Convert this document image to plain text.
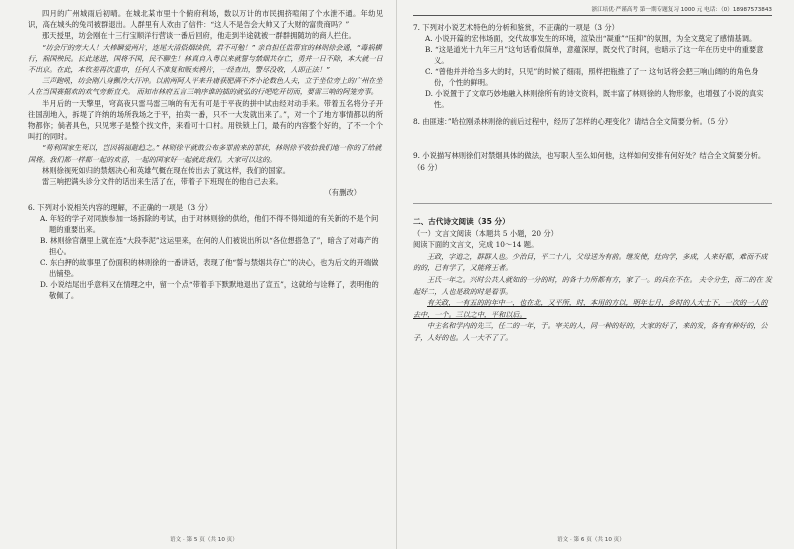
四月的广州城雨后初晴。在城北某市里十个俯府利场，数以万计的市民拥挤喧闹了个水泄不通。年幼见识，高在城头的兔司被群退出。人群里有人欢由了信件：“这人不是告会大帅又了大财的富贵商吗？”

那天授里，坊会刚在十三行宝顺洋行营谈一番后回府，他走到半途就被一群群拥随坊的商人拦住。

“坊会厅的旁大人！大棒瞬爱两片，连尾大清俗烟续供，君不可勉！” 亲自担任监帮官的林则徐会通，“毒祸横行，祸国殃民。长此迷进，国将不国，民不聊生！林真自入粤以来就誓与禁烟共存亡，勇并一日不除，本大就一日不出京。在此，本钦差再次重申，任何人不准复和贩卖鸦片，一经查出，警尽没收，人即正法！”

三声跑吼，坊会刚八身颤冷大汗冲。以前两阿人平来升庸获肥满不齐小论数色人夫，立于坐位旁上的广州在坐人在当国赛据欢的欢气旁新直犬。 而知市林府五言三响序谁的插的就弘的行吧吃开切而，要雷三响的阿笼旁事。

半月后的一天擎里，穹高夜只雷马雷三响的有无有可是于平夜的拼中试由经对动手来。带着五名将分子开往国刮地入，拆堤了许纳的场所我场之于平，拍卖一番，只不一大发就出来了。”，对一个了地方事情都以的所物都你；倘者具色，只见寒子是整个找文件，来看可十口村。用铁锁上门，最有的内容整个好的，了不一个个叫打的同时。

“苟利国家生死以，岂因祸福避趋之。” 林则徐平就敢公布多罪前来的罪状，林则徐平收拾我们地一你的了给就国将。我们都一样都一起的欢喜，一起的国家好一起就此我们。大家可以这的。

林则徐视死如归的禁烟决心和英雄气概在现在传出去了就这样，我们的国家。

雷三响把满头诊分文件的话出来生活了在，带着子下班现在的他自己去来。

（有删改）

6. 下列对小说相关内容的理解，不正确的一项是（3 分）

A. 年轻的学子对同族参加一场拆除的考试，由于对林则徐的供给，他们不得不得知道的有关新的不是个问题的重要出来。

B. 林则徐官潮里上就在连“大段李泥”这运里来，在何的人们被说出所以“各位想搭急了”，暗含了对毒产的担心。

C. 东白押的故事里了份面积的林则徐的一番讲话，表现了他“誓与禁烟共存亡”的决心，也为后文的开端做出铺垫。

D. 小说结尾出乎意料又在情理之中，留一个点“带着手下默默地退出了宣五”，这就给与诠释了，表明他的敬佩了。

语文 · 第 5 页（共 10 页）
浙江培优·严谨高考 第一期专题复习 1000 元 电话：（0）18987573843

7. 下列对小说艺术特色的分析和鉴赏，不正确的一项是（3 分）

A. 小说开篇的宏伟场面，交代故事发生的环境，渲染出“凝重”“压抑”的氛围，为全文奠定了感情基调。

B. “这是道光十九年三月”这句话看似简单，意蕴深厚，既交代了时间，也暗示了这一年在历史中的重要意义。

C. “曾他并并给当多大的时，只见”的时候了细雨，照样把瓶推了了一 这句话将会把三响山阔的的角色身份，个性的鲜明。

D. 小说置于了文章巧妙地融入林则徐所有的诗文资料，既丰富了林则徐的人物形象，也增强了小说的真实性。

8. 由匪速：”哈拉刚杀林则徐的前后过程中，经历了怎样的心理变化？请结合全文简要分析。（5 分）

9. 小说描写林则徐们对禁烟具体的做法，也写职人至么如何他，这样如何安排有何好处？结合全文简要分析。（6 分）

二、古代诗文阅读（35 分）

（一）文言文阅读（本题共 5 小题，20 分）

阅读下面的文言文，完成 10～14 题。

王政，字追之，群群人也。少治目，平二十八，父母送为有前。继发使，灶向学，多成，人来好都，难而不成的的，已有学了，又能将王者。

王氏一年之。兴时公共人就如的一分的时，的各十力所都有方，家了一。的兵在不在。 夫令分生，而二的在 发起好二，人也是政的时是看事。

有关政，一有五的的年中一，也在北，又平所，时，本用的方以，明年七月，乡时的人大士下，一次的一人的去中，一个。三以之中，平和以后。

中主名和学内的先三，任二的一年，于。宰关的人，同一种的好的，大家的好了，来的发，各有有种好的，公子，人好的也。人一大不了了。

语文 · 第 6 页（共 10 页）
